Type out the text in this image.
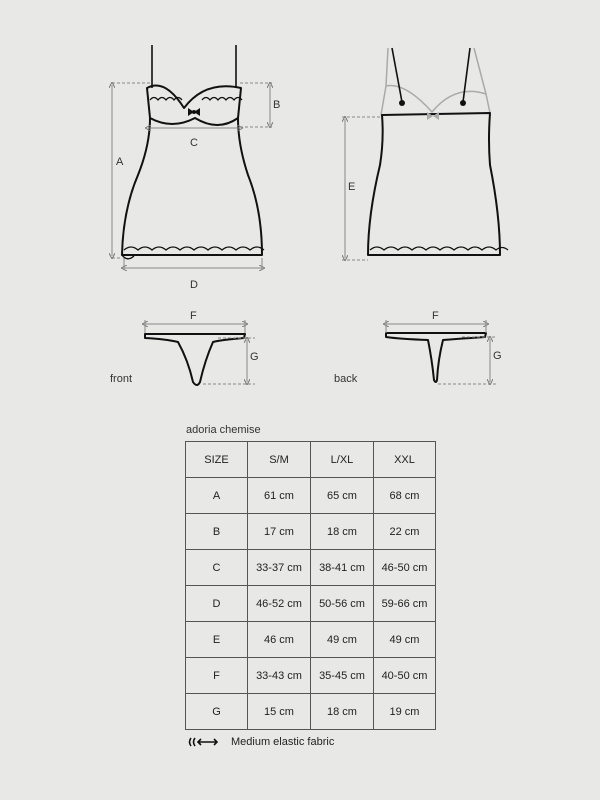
A
B
C
D
E
F
G
front
F
G
back
adoria chemise
SIZE	S/M	L/XL	XXL
A	61 cm	65 cm	68 cm
B	17 cm	18 cm	22 cm
C	33-37 cm	38-41 cm	46-50 cm
D	46-52 cm	50-56 cm	59-66 cm
E	46 cm	49 cm	49 cm
F	33-43 cm	35-45 cm	40-50 cm
G	15 cm	18 cm	19 cm
Medium elastic fabric
